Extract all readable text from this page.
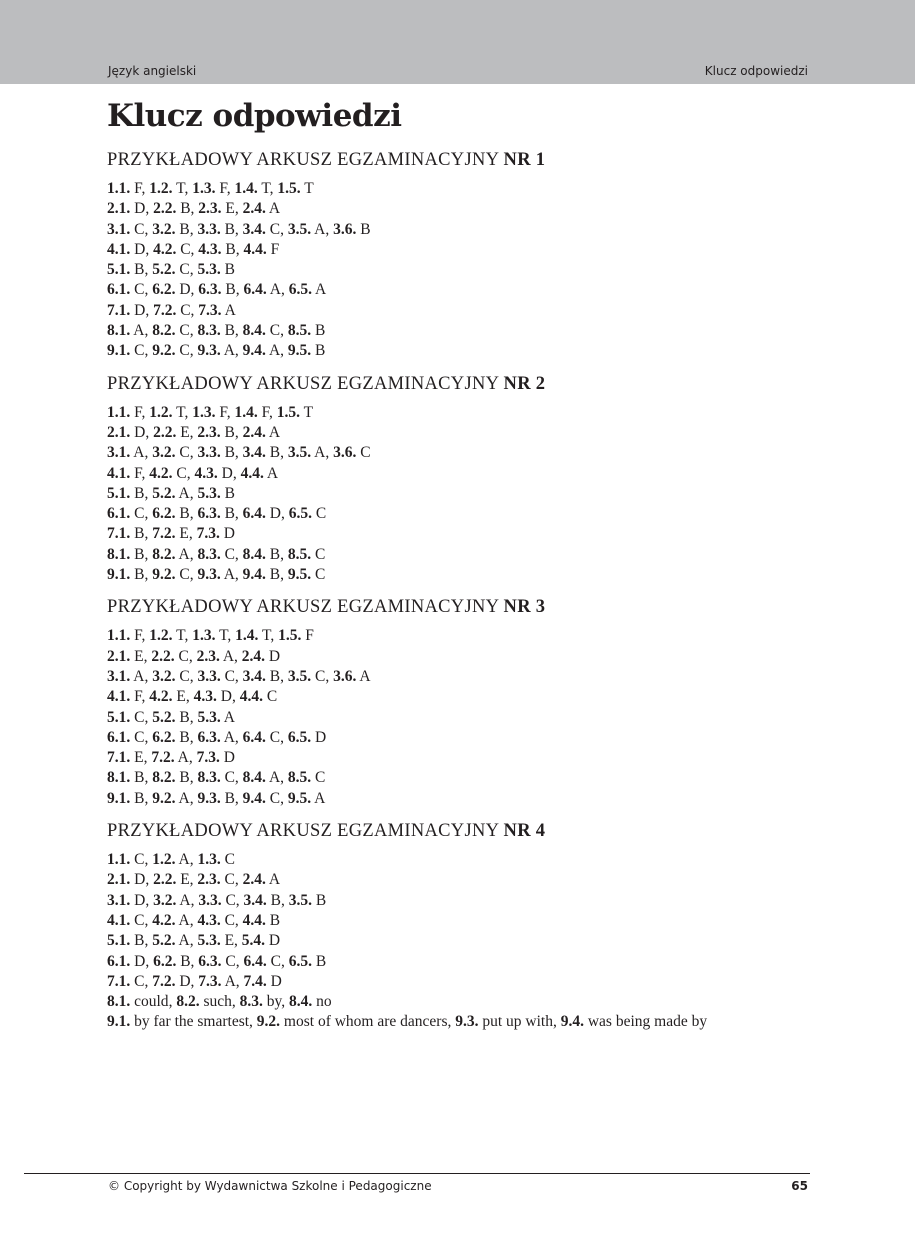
Język angielski	Klucz odpowiedzi
Klucz odpowiedzi
PRZYKŁADOWY ARKUSZ EGZAMINACYJNY NR 1
1.1. F, 1.2. T, 1.3. F, 1.4. T, 1.5. T
2.1. D, 2.2. B, 2.3. E, 2.4. A
3.1. C, 3.2. B, 3.3. B, 3.4. C, 3.5. A, 3.6. B
4.1. D, 4.2. C, 4.3. B, 4.4. F
5.1. B, 5.2. C, 5.3. B
6.1. C, 6.2. D, 6.3. B, 6.4. A, 6.5. A
7.1. D, 7.2. C, 7.3. A
8.1. A, 8.2. C, 8.3. B, 8.4. C, 8.5. B
9.1. C, 9.2. C, 9.3. A, 9.4. A, 9.5. B
PRZYKŁADOWY ARKUSZ EGZAMINACYJNY NR 2
1.1. F, 1.2. T, 1.3. F, 1.4. F, 1.5. T
2.1. D, 2.2. E, 2.3. B, 2.4. A
3.1. A, 3.2. C, 3.3. B, 3.4. B, 3.5. A, 3.6. C
4.1. F, 4.2. C, 4.3. D, 4.4. A
5.1. B, 5.2. A, 5.3. B
6.1. C, 6.2. B, 6.3. B, 6.4. D, 6.5. C
7.1. B, 7.2. E, 7.3. D
8.1. B, 8.2. A, 8.3. C, 8.4. B, 8.5. C
9.1. B, 9.2. C, 9.3. A, 9.4. B, 9.5. C
PRZYKŁADOWY ARKUSZ EGZAMINACYJNY NR 3
1.1. F, 1.2. T, 1.3. T, 1.4. T, 1.5. F
2.1. E, 2.2. C, 2.3. A, 2.4. D
3.1. A, 3.2. C, 3.3. C, 3.4. B, 3.5. C, 3.6. A
4.1. F, 4.2. E, 4.3. D, 4.4. C
5.1. C, 5.2. B, 5.3. A
6.1. C, 6.2. B, 6.3. A, 6.4. C, 6.5. D
7.1. E, 7.2. A, 7.3. D
8.1. B, 8.2. B, 8.3. C, 8.4. A, 8.5. C
9.1. B, 9.2. A, 9.3. B, 9.4. C, 9.5. A
PRZYKŁADOWY ARKUSZ EGZAMINACYJNY NR 4
1.1. C, 1.2. A, 1.3. C
2.1. D, 2.2. E, 2.3. C, 2.4. A
3.1. D, 3.2. A, 3.3. C, 3.4. B, 3.5. B
4.1. C, 4.2. A, 4.3. C, 4.4. B
5.1. B, 5.2. A, 5.3. E, 5.4. D
6.1. D, 6.2. B, 6.3. C, 6.4. C, 6.5. B
7.1. C, 7.2. D, 7.3. A, 7.4. D
8.1. could, 8.2. such, 8.3. by, 8.4. no
9.1. by far the smartest, 9.2. most of whom are dancers, 9.3. put up with, 9.4. was being made by
© Copyright by Wydawnictwa Szkolne i Pedagogiczne	65
